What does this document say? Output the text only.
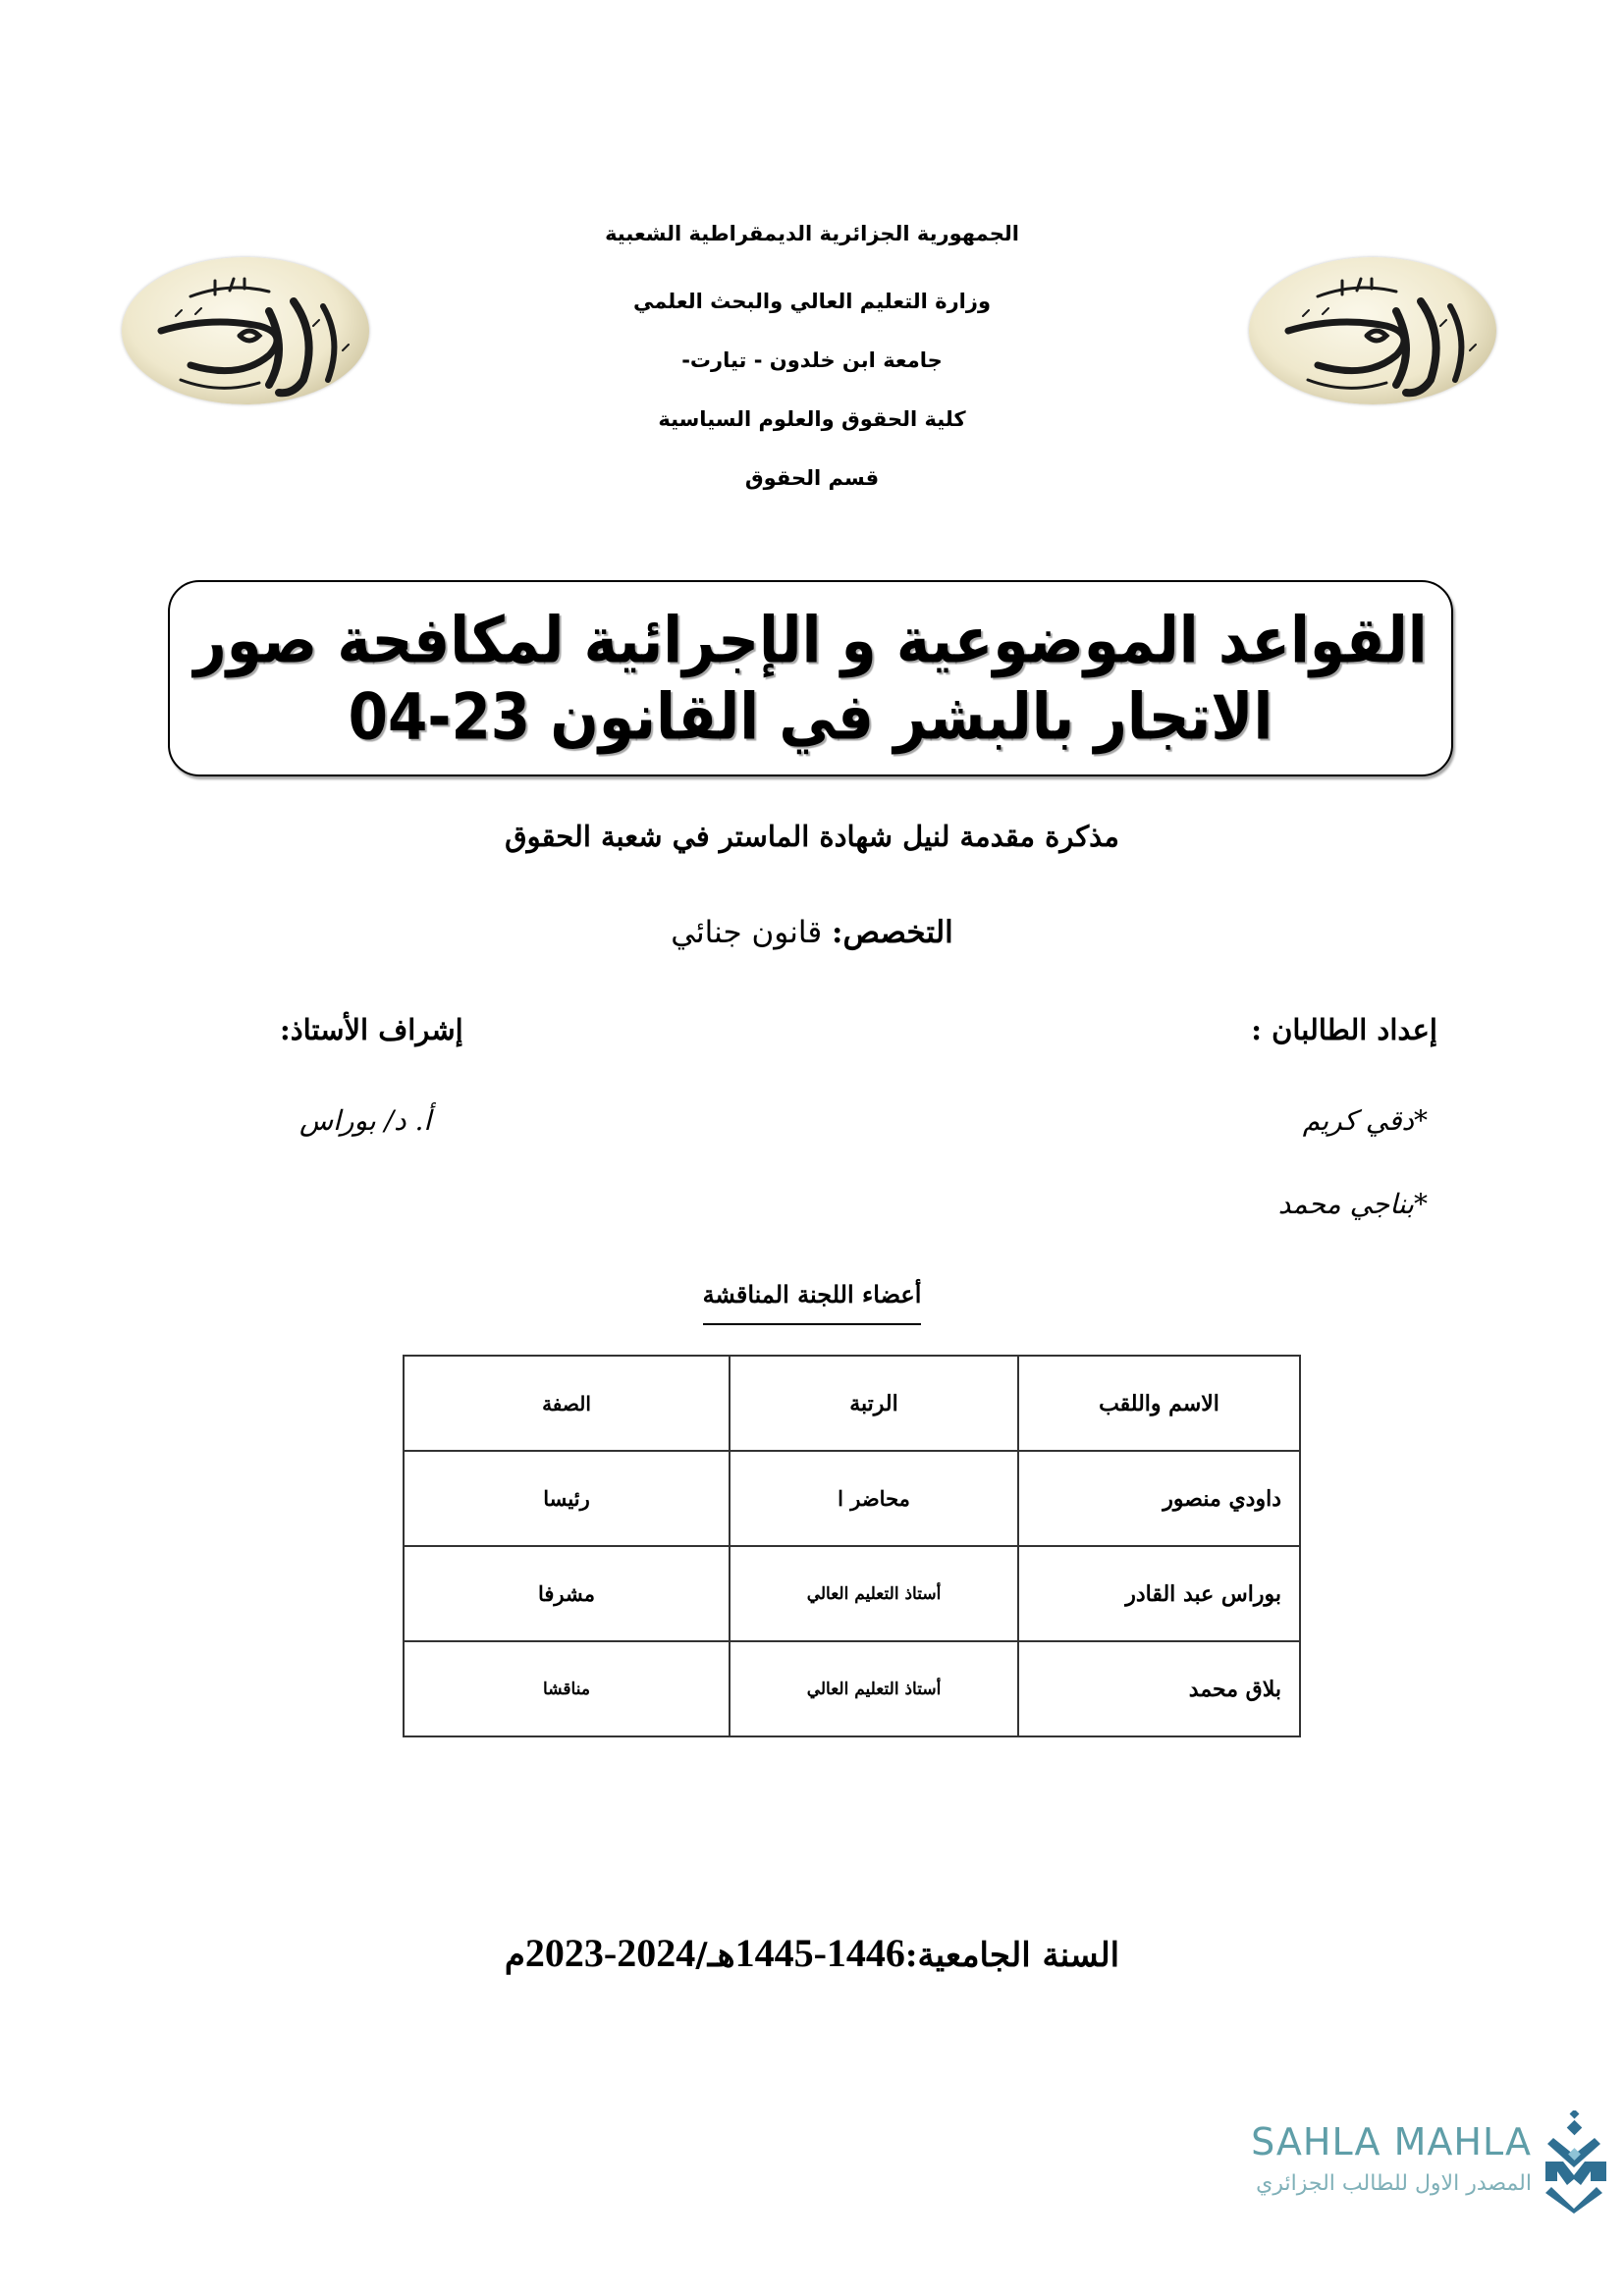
الجمهورية الجزائرية الديمقراطية الشعبية
وزارة التعليم العالي والبحث العلمي
جامعة ابن خلدون - تيارت-
كلية الحقوق والعلوم السياسية
قسم الحقوق
القواعد الموضوعية و الإجرائية لمكافحة صور
الاتجار بالبشر في القانون 23-04
مذكرة مقدمة لنيل شهادة الماستر في شعبة الحقوق
التخصص: قانون جنائي
إعداد الطالبان :
*دقي كريم
*بناجي محمد
إشراف الأستاذ:
أ. د/ بوراس
أعضاء اللجنة المناقشة
الاسم واللقب	الرتبة	الصفة
داودي منصور	محاضر ا	رئيسا
بوراس عبد القادر	أستاذ التعليم العالي	مشرفا
بلاق محمد	أستاذ التعليم العالي	مناقشا
السنة الجامعية:1445-1446هـ/2023-2024م
SAHLA MAHLA
المصدر الاول للطالب الجزائري
